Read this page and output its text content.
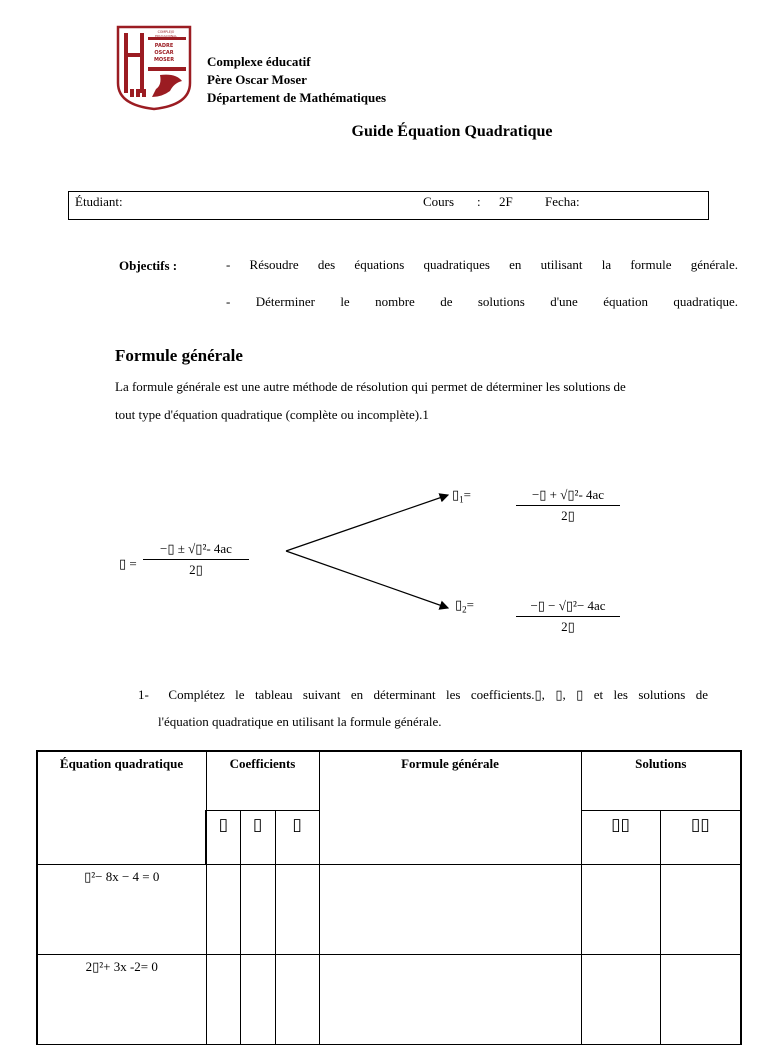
COMPLEJO
EDUCACIONAL
PADRE
OSCAR
MOSER	Complexe éducatif
Père Oscar Moser
Département de Mathématiques
Guide Équation Quadratique
Étudiant:	Cours : 2F Fecha:
Objectifs :	- Résoudre des équations quadratiques en utilisant la formule générale.
- Déterminer le nombre de solutions d'une équation quadratique.
Formule générale
La formule générale est une autre méthode de résolution qui permet de déterminer les solutions de
tout type d'équation quadratique (complète ou incomplète).1
▯ = $\frac{\text{−▯ ± √▯²- 4ac}}{2▯}$
$▯_1=$	$\frac{\text{−▯ + √▯²- 4ac}}{2▯}$
$▯_2=$	$\frac{\text{−▯ − √▯²− 4ac}}{2▯}$
1- Complétez le tableau suivant en déterminant les coefficients.▯, ▯, ▯ et les solutions de
l'équation quadratique en utilisant la formule générale.
Équation quadratique	Coefficients			Formule générale	Solutions	

	▯	▯	▯		▯▯	▯▯

▯²− 8x − 4 = 0						

2▯²+ 3x -2= 0						
